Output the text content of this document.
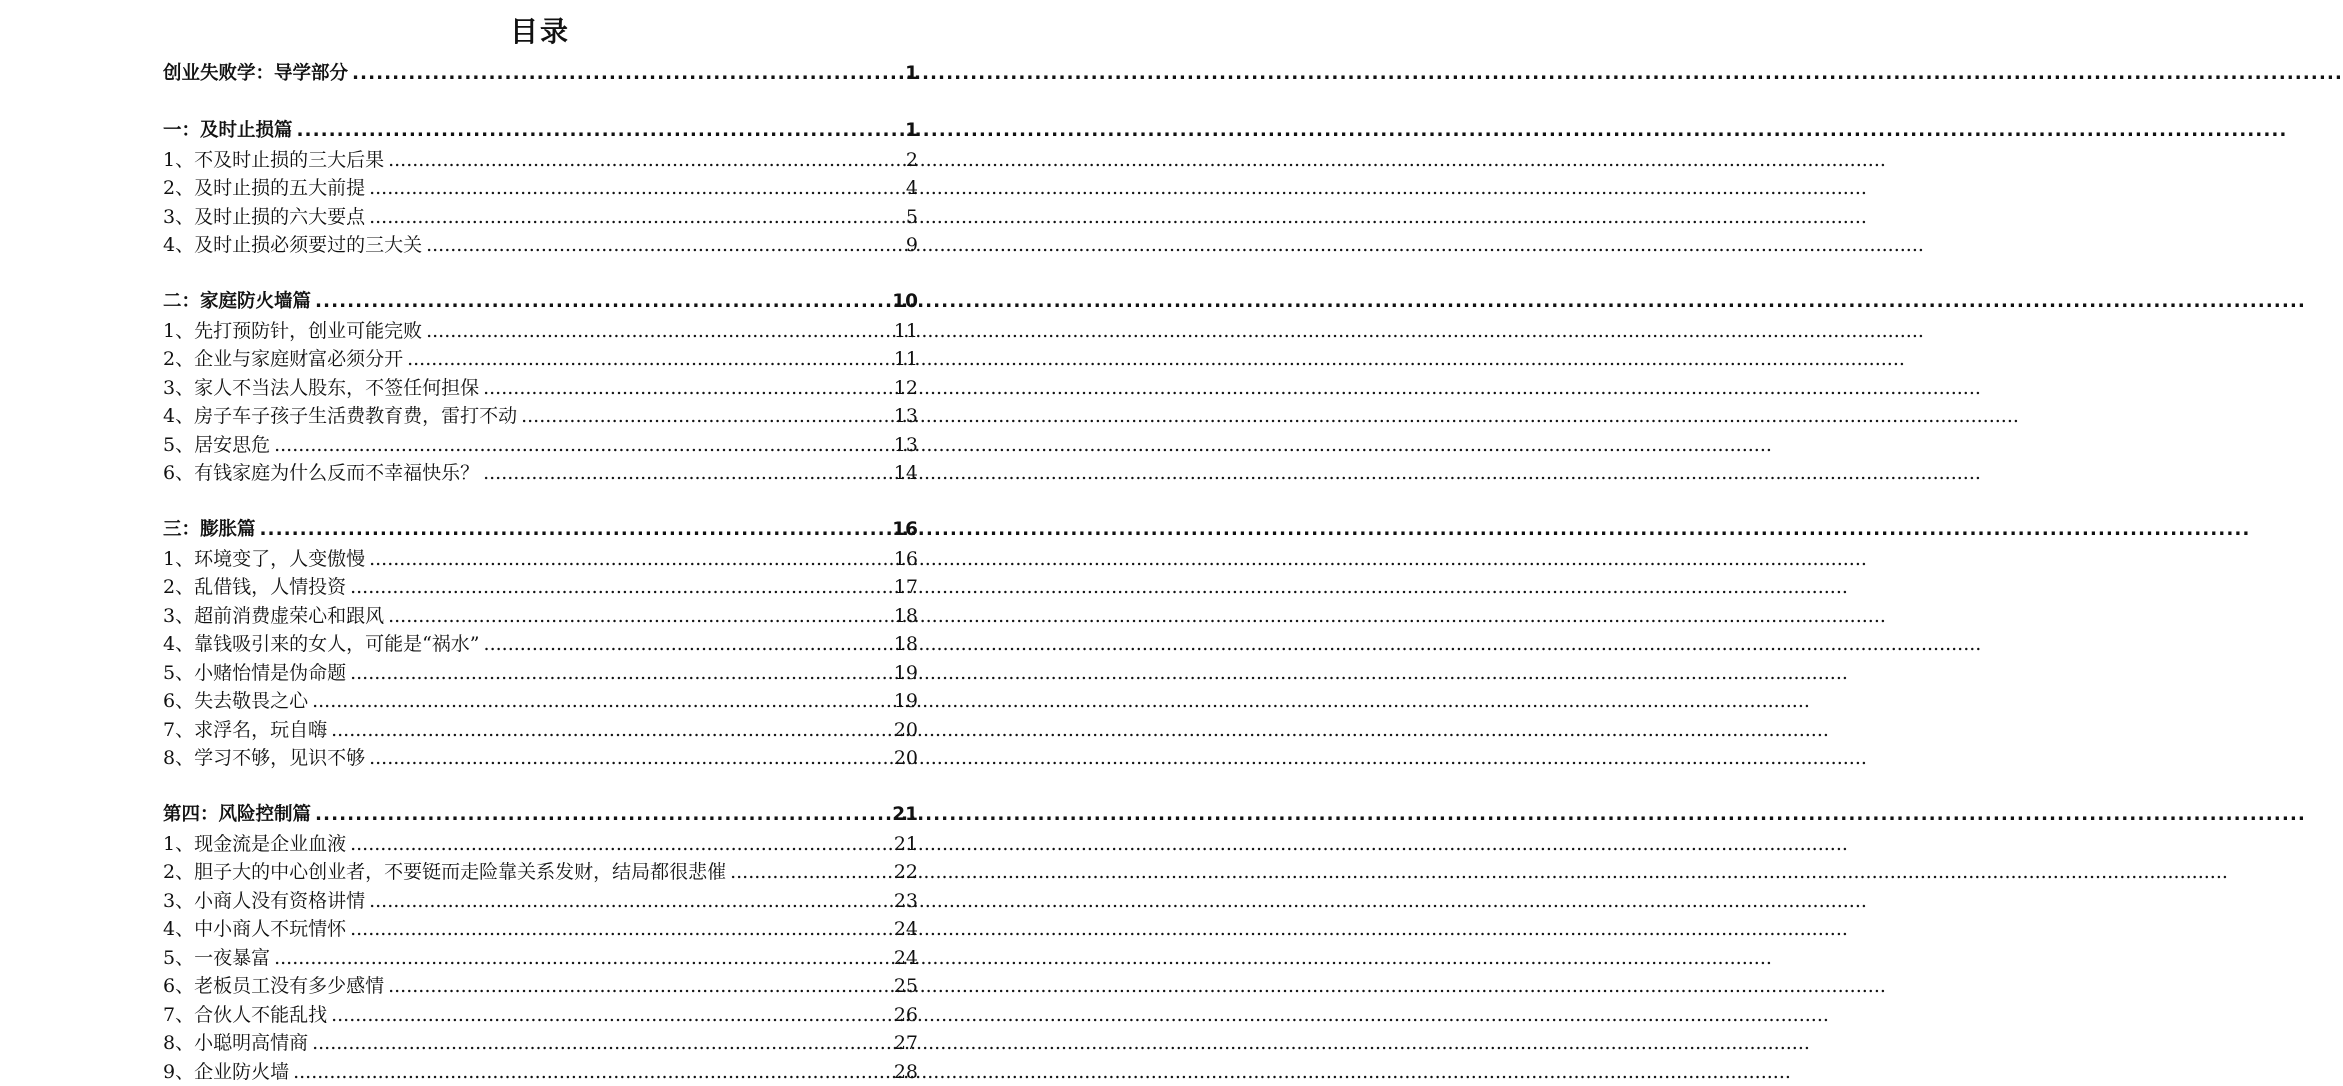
目录
创业失败学：导学部分 .....	1
一：及时止损篇 .....	1
1、不及时止损的三大后果 .....	2
2、及时止损的五大前提 .....	4
3、及时止损的六大要点 .....	5
4、及时止损必须要过的三大关 .....	9
二：家庭防火墙篇 .....	10
1、先打预防针，创业可能完败 .....	11
2、企业与家庭财富必须分开 .....	11
3、家人不当法人股东，不签任何担保 .....	12
4、房子车子孩子生活费教育费，雷打不动 .....	13
5、居安思危 .....	13
6、有钱家庭为什么反而不幸福快乐？ .....	14
三：膨胀篇 .....	16
1、环境变了，人变傲慢 .....	16
2、乱借钱，人情投资 .....	17
3、超前消费虚荣心和跟风 .....	18
4、靠钱吸引来的女人，可能是“祸水” .....	18
5、小赌怡情是伪命题 .....	19
6、失去敬畏之心 .....	19
7、求浮名，玩自嗨 .....	20
8、学习不够，见识不够 .....	20
第四：风险控制篇 .....	21
1、现金流是企业血液 .....	21
2、胆子大的中心创业者，不要铤而走险靠关系发财，结局都很悲催 .....	22
3、小商人没有资格讲情 .....	23
4、中小商人不玩情怀 .....	24
5、一夜暴富 .....	24
6、老板员工没有多少感情 .....	25
7、合伙人不能乱找 .....	26
8、小聪明高情商 .....	27
9、企业防火墙 .....	28
